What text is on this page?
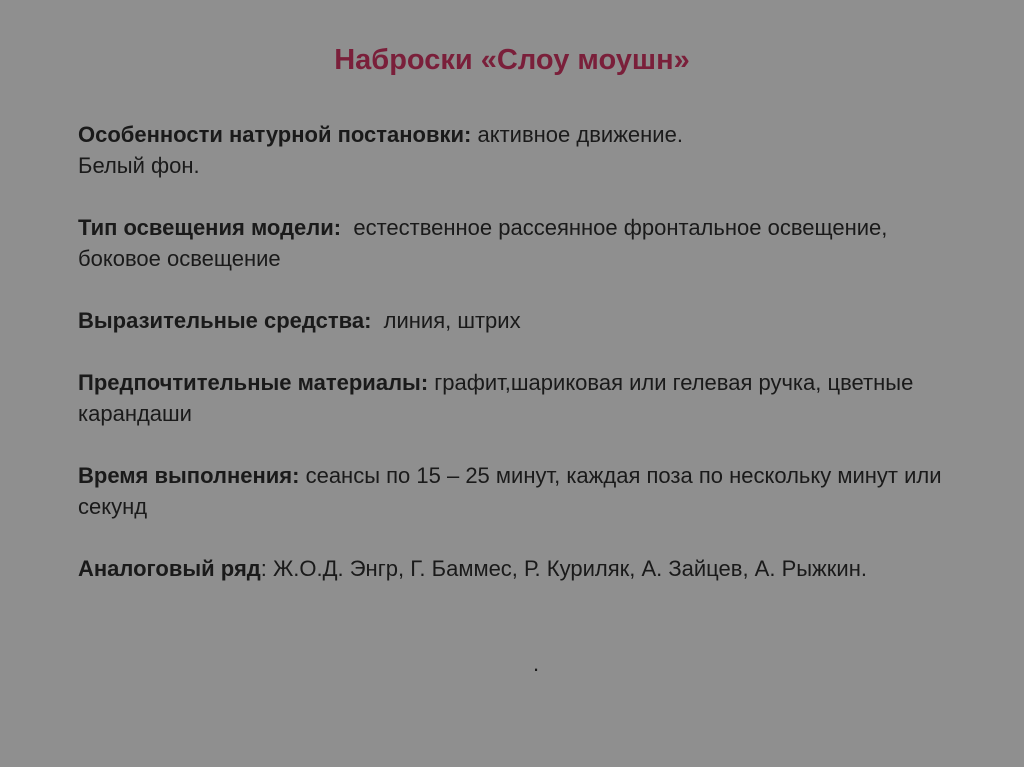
Наброски «Слоу моушн»

Особенности натурной постановки: активное движение.
Белый фон.

Тип освещения модели:  естественное рассеянное фронтальное освещение, боковое освещение

Выразительные средства:  линия, штрих

Предпочтительные материалы: графит,шариковая или гелевая ручка, цветные карандаши

Время выполнения: сеансы по 15 – 25 минут, каждая поза по нескольку минут или секунд

Аналоговый ряд: Ж.О.Д. Энгр, Г. Баммес, Р. Куриляк, А. Зайцев, А. Рыжкин.

.
